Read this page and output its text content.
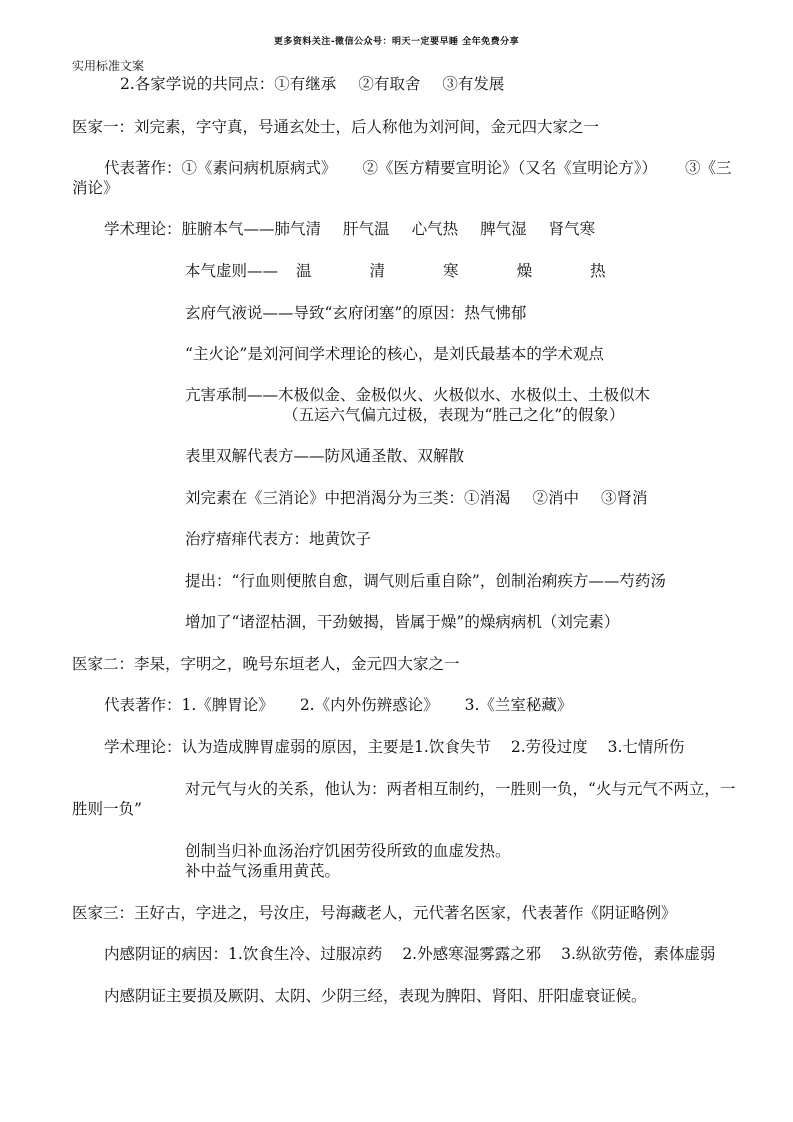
更多资料关注-微信公众号：明天一定要早睡 全年免费分享
实用标准文案
2.各家学说的共同点：①有继承 ②有取舍 ③有发展
医家一：刘完素，字守真，号通玄处士，后人称他为刘河间，金元四大家之一
代表著作：①《素问病机原病式》 ②《医方精要宣明论》（又名《宣明论方》） ③《三
消论》
学术理论：脏腑本气——肺气清 肝气温 心气热 脾气湿 肾气寒
本气虚则—— 温	清	寒	燥	热
玄府气液说——导致“玄府闭塞”的原因：热气怫郁
“主火论”是刘河间学术理论的核心，是刘氏最基本的学术观点
亢害承制——木极似金、金极似火、火极似水、水极似土、土极似木
（五运六气偏亢过极，表现为“胜己之化”的假象）
表里双解代表方——防风通圣散、双解散
刘完素在《三消论》中把消渴分为三类：①消渴 ②消中 ③肾消
治疗瘖痱代表方：地黄饮子
提出：“行血则便脓自愈，调气则后重自除”，创制治痢疾方——芍药汤
增加了“诸涩枯涸，干劲皴揭，皆属于燥”的燥病病机（刘完素）
医家二：李杲，字明之，晚号东垣老人，金元四大家之一
代表著作：1.《脾胃论》 2.《内外伤辨惑论》 3.《兰室秘藏》
学术理论：认为造成脾胃虚弱的原因，主要是1.饮食失节 2.劳役过度 3.七情所伤
对元气与火的关系，他认为：两者相互制约，一胜则一负，“火与元气不两立，一
胜则一负”
创制当归补血汤治疗饥困劳役所致的血虚发热。
补中益气汤重用黄芪。
医家三：王好古，字进之，号汝庄，号海藏老人，元代著名医家，代表著作《阴证略例》
内感阴证的病因：1.饮食生冷、过服凉药 2.外感寒湿雾露之邪 3.纵欲劳倦，素体虚弱
内感阴证主要损及厥阴、太阴、少阴三经，表现为脾阳、肾阳、肝阳虚衰证候。
